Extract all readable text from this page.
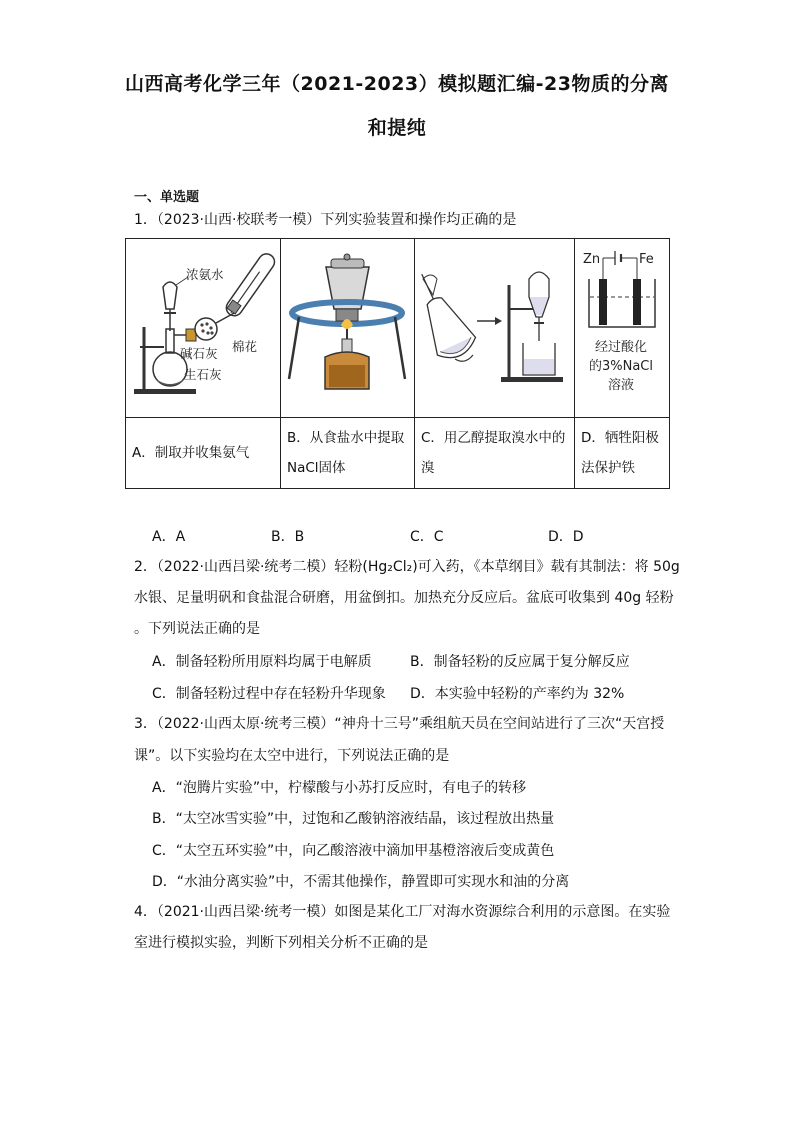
山西高考化学三年（2021-2023）模拟题汇编-23物质的分离
和提纯
一、单选题
1．（2023·山西·校联考一模）下列实验装置和操作均正确的是
浓氨水
碱石灰
生石灰
棉花			Zn Fe
经过酸化
的3%NaCl
溶液

A．制取并收集氨气	B．从食盐水中提取NaCl固体	C．用乙醇提取溴水中的溴	D．牺牲阳极法保护铁
A．A	B．B	C．C	D．D
2．（2022·山西吕梁·统考二模）轻粉(Hg₂Cl₂)可入药，《本草纲目》载有其制法：将 50g
水银、足量明矾和食盐混合研磨，用盆倒扣。加热充分反应后。盆底可收集到 40g 轻粉
。下列说法正确的是
A．制备轻粉所用原料均属于电解质	B．制备轻粉的反应属于复分解反应
C．制备轻粉过程中存在轻粉升华现象 D．本实验中轻粉的产率约为 32%
3．（2022·山西太原·统考三模）“神舟十三号”乘组航天员在空间站进行了三次“天宫授
课”。以下实验均在太空中进行，下列说法正确的是
A．“泡腾片实验”中，柠檬酸与小苏打反应时，有电子的转移
B．“太空冰雪实验”中，过饱和乙酸钠溶液结晶，该过程放出热量
C．“太空五环实验”中，向乙酸溶液中滴加甲基橙溶液后变成黄色
D．“水油分离实验”中，不需其他操作，静置即可实现水和油的分离
4．（2021·山西吕梁·统考一模）如图是某化工厂对海水资源综合利用的示意图。在实验
室进行模拟实验，判断下列相关分析不正确的是
